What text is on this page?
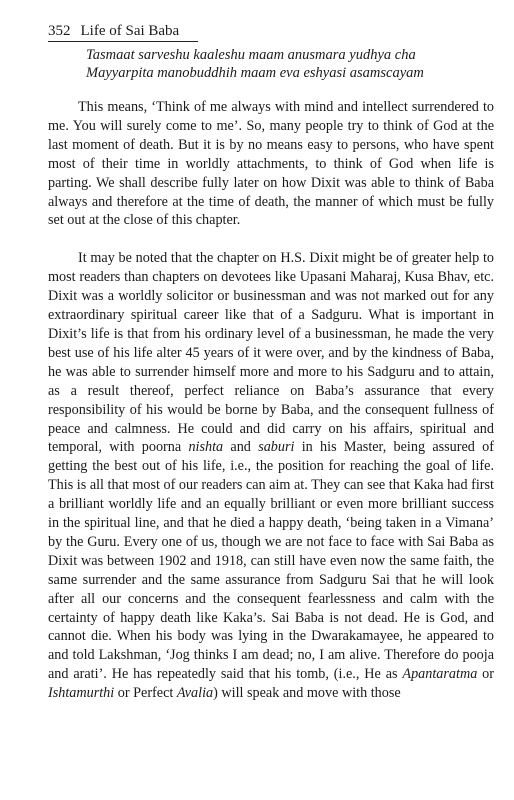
352 Life of Sai Baba
Tasmaat sarveshu kaaleshu maam anusmara yudhya cha
Mayyarpita manobuddhih maam eva eshyasi asamscayam

This means, ‘Think of me always with mind and intellect surrendered to me. You will surely come to me’. So, many people try to think of God at the last moment of death. But it is by no means easy to persons, who have spent most of their time in worldly attachments, to think of God when life is parting. We shall describe fully later on how Dixit was able to think of Baba always and therefore at the time of death, the manner of which must be fully set out at the close of this chapter.

It may be noted that the chapter on H.S. Dixit might be of greater help to most readers than chapters on devotees like Upasani Maharaj, Kusa Bhav, etc. Dixit was a worldly solicitor or businessman and was not marked out for any extraordinary spiritual career like that of a Sadguru. What is important in Dixit’s life is that from his ordinary level of a businessman, he made the very best use of his life alter 45 years of it were over, and by the kindness of Baba, he was able to surrender himself more and more to his Sadguru and to attain, as a result thereof, perfect reliance on Baba’s assurance that every responsibility of his would be borne by Baba, and the consequent fullness of peace and calmness. He could and did carry on his affairs, spiritual and temporal, with poorna nishta and saburi in his Master, being assured of getting the best out of his life, i.e., the position for reaching the goal of life. This is all that most of our readers can aim at. They can see that Kaka had first a brilliant worldly life and an equally brilliant or even more brilliant success in the spiritual line, and that he died a happy death, ‘being taken in a Vimana’ by the Guru. Every one of us, though we are not face to face with Sai Baba as Dixit was between 1902 and 1918, can still have even now the same faith, the same surrender and the same assurance from Sadguru Sai that he will look after all our concerns and the consequent fearlessness and calm with the certainty of happy death like Kaka’s. Sai Baba is not dead. He is God, and cannot die. When his body was lying in the Dwarakamayee, he appeared to and told Lakshman, ‘Jog thinks I am dead; no, I am alive. Therefore do pooja and arati’. He has repeatedly said that his tomb, (i.e., He as Apantaratma or Ishtamurthi or Perfect Avalia) will speak and move with those
